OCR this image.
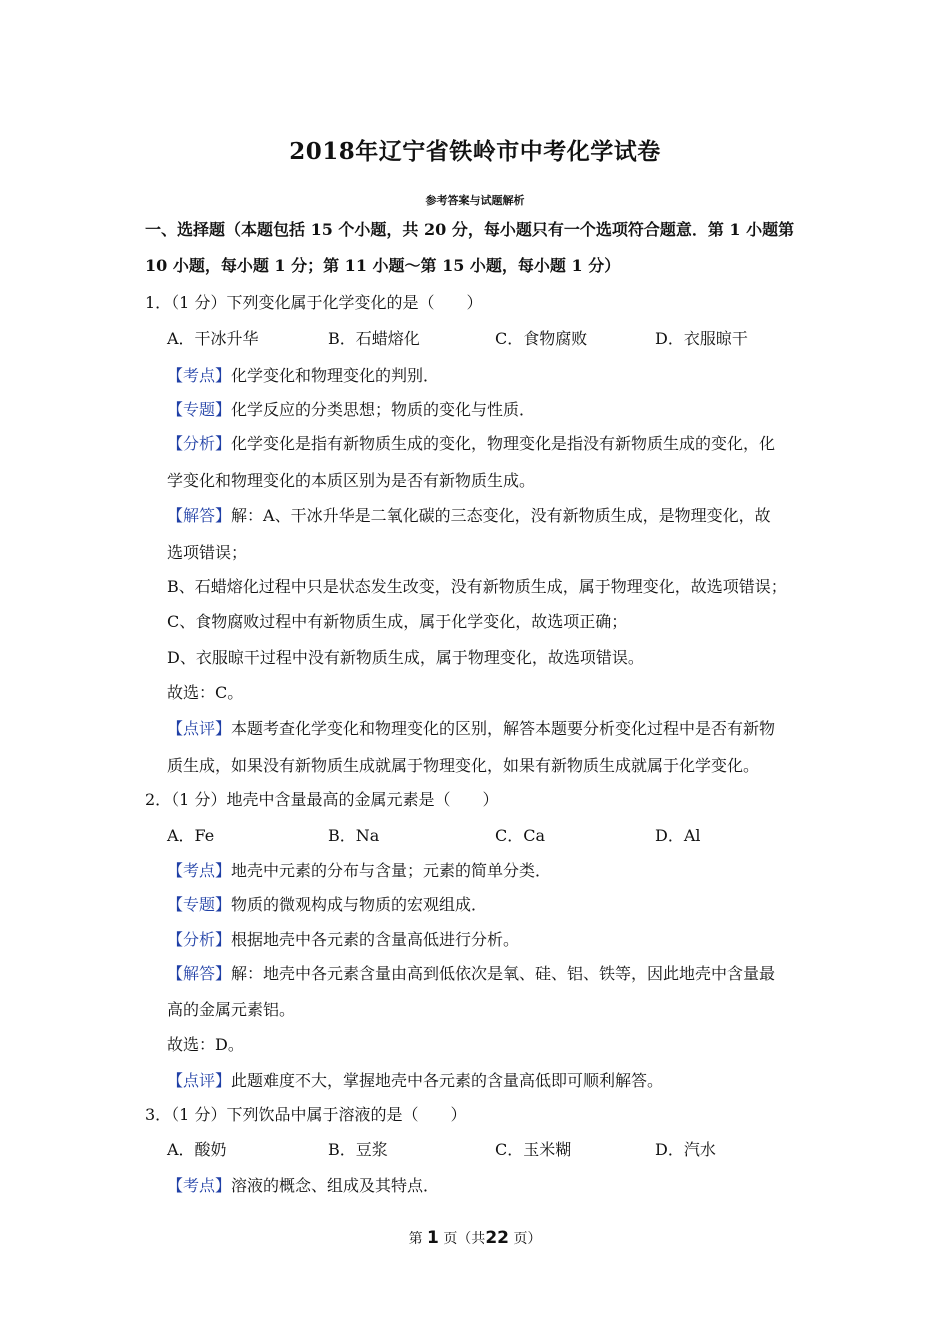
2018年辽宁省铁岭市中考化学试卷
参考答案与试题解析
一、选择题（本题包括 15 个小题，共 20 分，每小题只有一个选项符合题意．第 1 小题第
10 小题，每小题 1 分；第 11 小题～第 15 小题，每小题 1 分）
1．（1 分）下列变化属于化学变化的是（　　）
A．干冰升华	B．石蜡熔化	C．食物腐败	D．衣服晾干
【考点】化学变化和物理变化的判别．
【专题】化学反应的分类思想；物质的变化与性质．
【分析】化学变化是指有新物质生成的变化，物理变化是指没有新物质生成的变化，化
学变化和物理变化的本质区别为是否有新物质生成。
【解答】解：A、干冰升华是二氧化碳的三态变化，没有新物质生成，是物理变化，故
选项错误；
B、石蜡熔化过程中只是状态发生改变，没有新物质生成，属于物理变化，故选项错误；
C、食物腐败过程中有新物质生成，属于化学变化，故选项正确；
D、衣服晾干过程中没有新物质生成，属于物理变化，故选项错误。
故选：C。
【点评】本题考查化学变化和物理变化的区别，解答本题要分析变化过程中是否有新物
质生成，如果没有新物质生成就属于物理变化，如果有新物质生成就属于化学变化。
2．（1 分）地壳中含量最高的金属元素是（　　）
A．Fe	B．Na	C．Ca	D．Al
【考点】地壳中元素的分布与含量；元素的简单分类．
【专题】物质的微观构成与物质的宏观组成．
【分析】根据地壳中各元素的含量高低进行分析。
【解答】解：地壳中各元素含量由高到低依次是氧、硅、铝、铁等，因此地壳中含量最
高的金属元素铝。
故选：D。
【点评】此题难度不大，掌握地壳中各元素的含量高低即可顺利解答。
3．（1 分）下列饮品中属于溶液的是（　　）
A．酸奶	B．豆浆	C．玉米糊	D．汽水
【考点】溶液的概念、组成及其特点．
第 1 页（共22 页）
